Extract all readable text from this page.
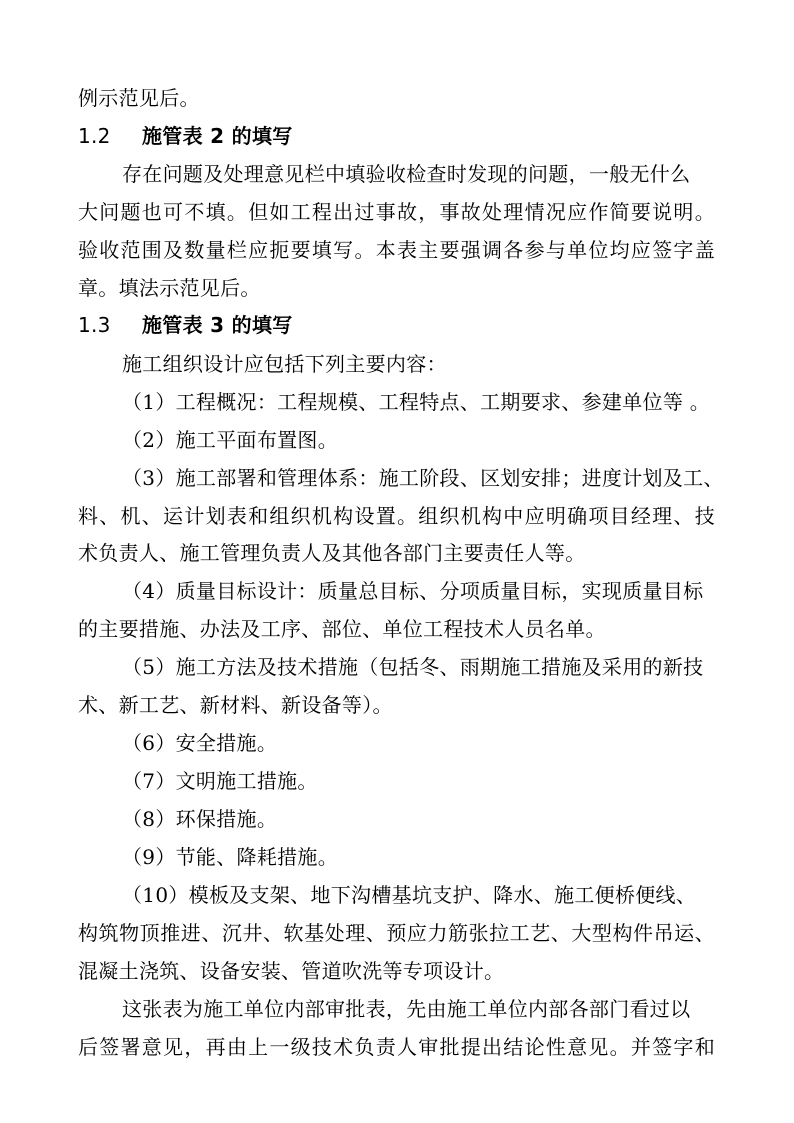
例示范见后。
1.2 施管表 2 的填写
存在问题及处理意见栏中填验收检查时发现的问题，一般无什么
大问题也可不填。但如工程出过事故，事故处理情况应作简要说明。
验收范围及数量栏应扼要填写。本表主要强调各参与单位均应签字盖
章。填法示范见后。
1.3 施管表 3 的填写
施工组织设计应包括下列主要内容：
（1）工程概况：工程规模、工程特点、工期要求、参建单位等 。
（2）施工平面布置图。
（3）施工部署和管理体系：施工阶段、区划安排；进度计划及工、
料、机、运计划表和组织机构设置。组织机构中应明确项目经理、技
术负责人、施工管理负责人及其他各部门主要责任人等。
（4）质量目标设计：质量总目标、分项质量目标，实现质量目标
的主要措施、办法及工序、部位、单位工程技术人员名单。
（5）施工方法及技术措施（包括冬、雨期施工措施及采用的新技
术、新工艺、新材料、新设备等）。
（6）安全措施。
（7）文明施工措施。
（8）环保措施。
（9）节能、降耗措施。
（10）模板及支架、地下沟槽基坑支护、降水、施工便桥便线、
构筑物顶推进、沉井、软基处理、预应力筋张拉工艺、大型构件吊运、
混凝土浇筑、设备安装、管道吹洗等专项设计。
这张表为施工单位内部审批表，先由施工单位内部各部门看过以
后签署意见，再由上一级技术负责人审批提出结论性意见。并签字和
